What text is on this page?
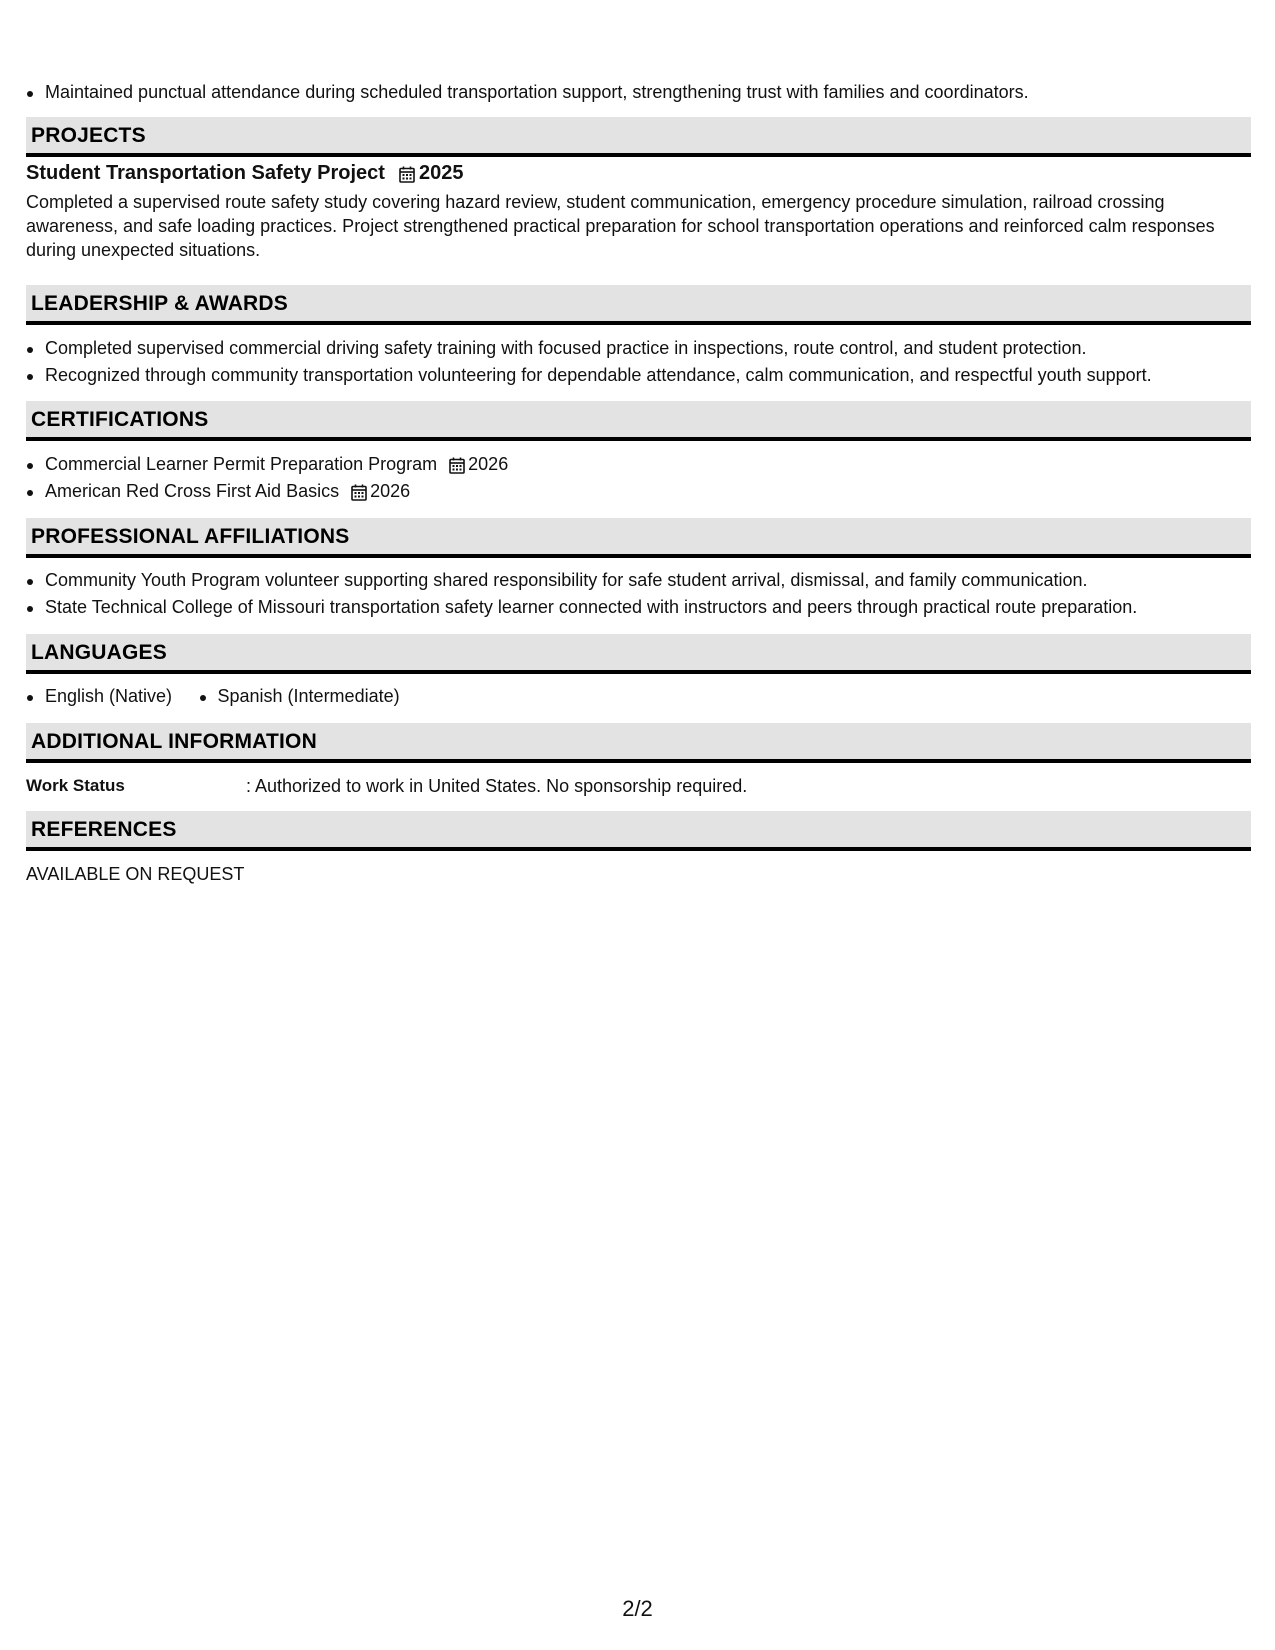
Maintained punctual attendance during scheduled transportation support, strengthening trust with families and coordinators.
PROJECTS
Student Transportation Safety Project 2025
Completed a supervised route safety study covering hazard review, student communication, emergency procedure simulation, railroad crossing awareness, and safe loading practices. Project strengthened practical preparation for school transportation operations and reinforced calm responses during unexpected situations.
LEADERSHIP & AWARDS
Completed supervised commercial driving safety training with focused practice in inspections, route control, and student protection.
Recognized through community transportation volunteering for dependable attendance, calm communication, and respectful youth support.
CERTIFICATIONS
Commercial Learner Permit Preparation Program 2026
American Red Cross First Aid Basics 2026
PROFESSIONAL AFFILIATIONS
Community Youth Program volunteer supporting shared responsibility for safe student arrival, dismissal, and family communication.
State Technical College of Missouri transportation safety learner connected with instructors and peers through practical route preparation.
LANGUAGES
English (Native)	Spanish (Intermediate)
ADDITIONAL INFORMATION
Work Status	: Authorized to work in United States. No sponsorship required.
REFERENCES
AVAILABLE ON REQUEST
2/2
